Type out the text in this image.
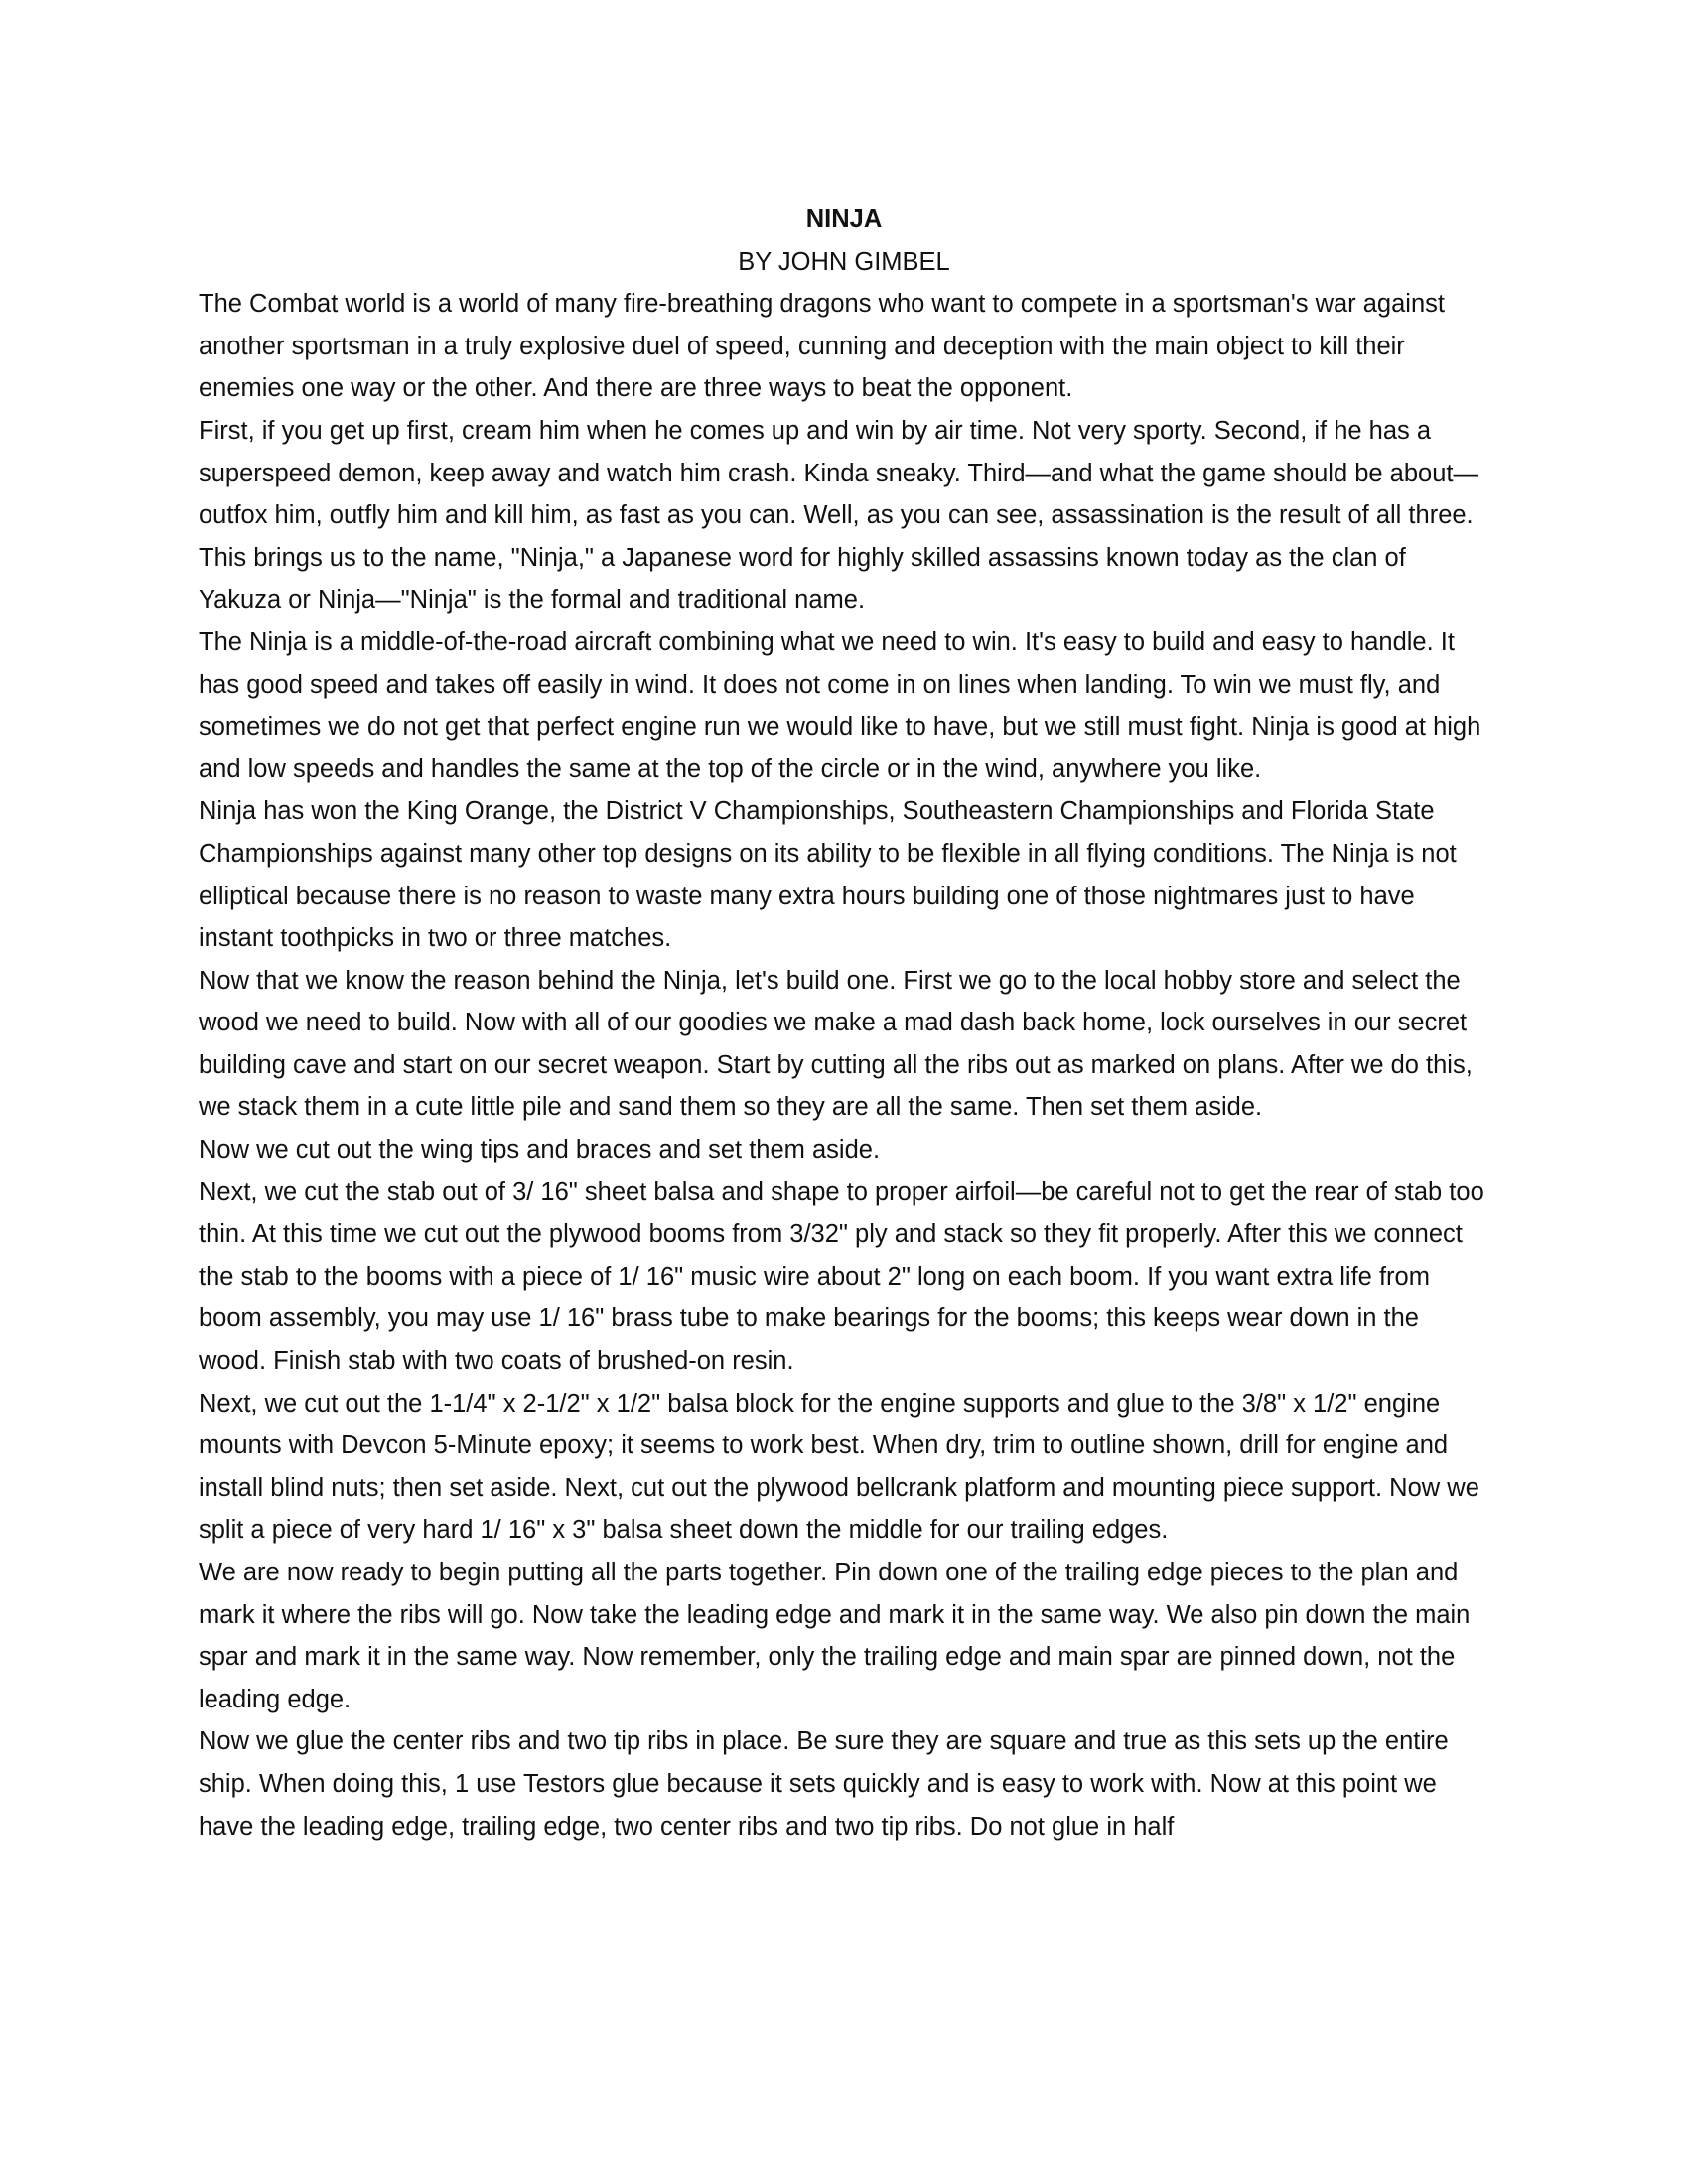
NINJA

BY JOHN GIMBEL

The Combat world is a world of many fire-breathing dragons who want to compete in a sportsman's war against another sportsman in a truly explosive duel of speed, cunning and deception with the main object to kill their enemies one way or the other. And there are three ways to beat the opponent.

First, if you get up first, cream him when he comes up and win by air time. Not very sporty. Second, if he has a superspeed demon, keep away and watch him crash. Kinda sneaky. Third—and what the game should be about—outfox him, outfly him and kill him, as fast as you can. Well, as you can see, assassination is the result of all three. This brings us to the name, "Ninja," a Japanese word for highly skilled assassins known today as the clan of Yakuza or Ninja—"Ninja" is the formal and traditional name.

The Ninja is a middle-of-the-road aircraft combining what we need to win. It's easy to build and easy to handle. It has good speed and takes off easily in wind. It does not come in on lines when landing. To win we must fly, and sometimes we do not get that perfect engine run we would like to have, but we still must fight. Ninja is good at high and low speeds and handles the same at the top of the circle or in the wind, anywhere you like.

Ninja has won the King Orange, the District V Championships, Southeastern Championships and Florida State Championships against many other top designs on its ability to be flexible in all flying conditions. The Ninja is not elliptical because there is no reason to waste many extra hours building one of those nightmares just to have instant toothpicks in two or three matches.

Now that we know the reason behind the Ninja, let's build one. First we go to the local hobby store and select the wood we need to build. Now with all of our goodies we make a mad dash back home, lock ourselves in our secret building cave and start on our secret weapon. Start by cutting all the ribs out as marked on plans. After we do this, we stack them in a cute little pile and sand them so they are all the same. Then set them aside.

Now we cut out the wing tips and braces and set them aside.

Next, we cut the stab out of 3/ 16" sheet balsa and shape to proper airfoil—be careful not to get the rear of stab too thin. At this time we cut out the plywood booms from 3/32" ply and stack so they fit properly. After this we connect the stab to the booms with a piece of 1/ 16" music wire about 2" long on each boom. If you want extra life from boom assembly, you may use 1/ 16" brass tube to make bearings for the booms; this keeps wear down in the wood. Finish stab with two coats of brushed-on resin.

Next, we cut out the 1-1/4" x 2-1/2" x 1/2" balsa block for the engine supports and glue to the 3/8" x 1/2" engine mounts with Devcon 5-Minute epoxy; it seems to work best. When dry, trim to outline shown, drill for engine and install blind nuts; then set aside. Next, cut out the plywood bellcrank platform and mounting piece support. Now we split a piece of very hard 1/ 16" x 3" balsa sheet down the middle for our trailing edges.

We are now ready to begin putting all the parts together. Pin down one of the trailing edge pieces to the plan and mark it where the ribs will go. Now take the leading edge and mark it in the same way. We also pin down the main spar and mark it in the same way. Now remember, only the trailing edge and main spar are pinned down, not the leading edge.

Now we glue the center ribs and two tip ribs in place. Be sure they are square and true as this sets up the entire ship. When doing this, 1 use Testors glue because it sets quickly and is easy to work with. Now at this point we have the leading edge, trailing edge, two center ribs and two tip ribs. Do not glue in half
